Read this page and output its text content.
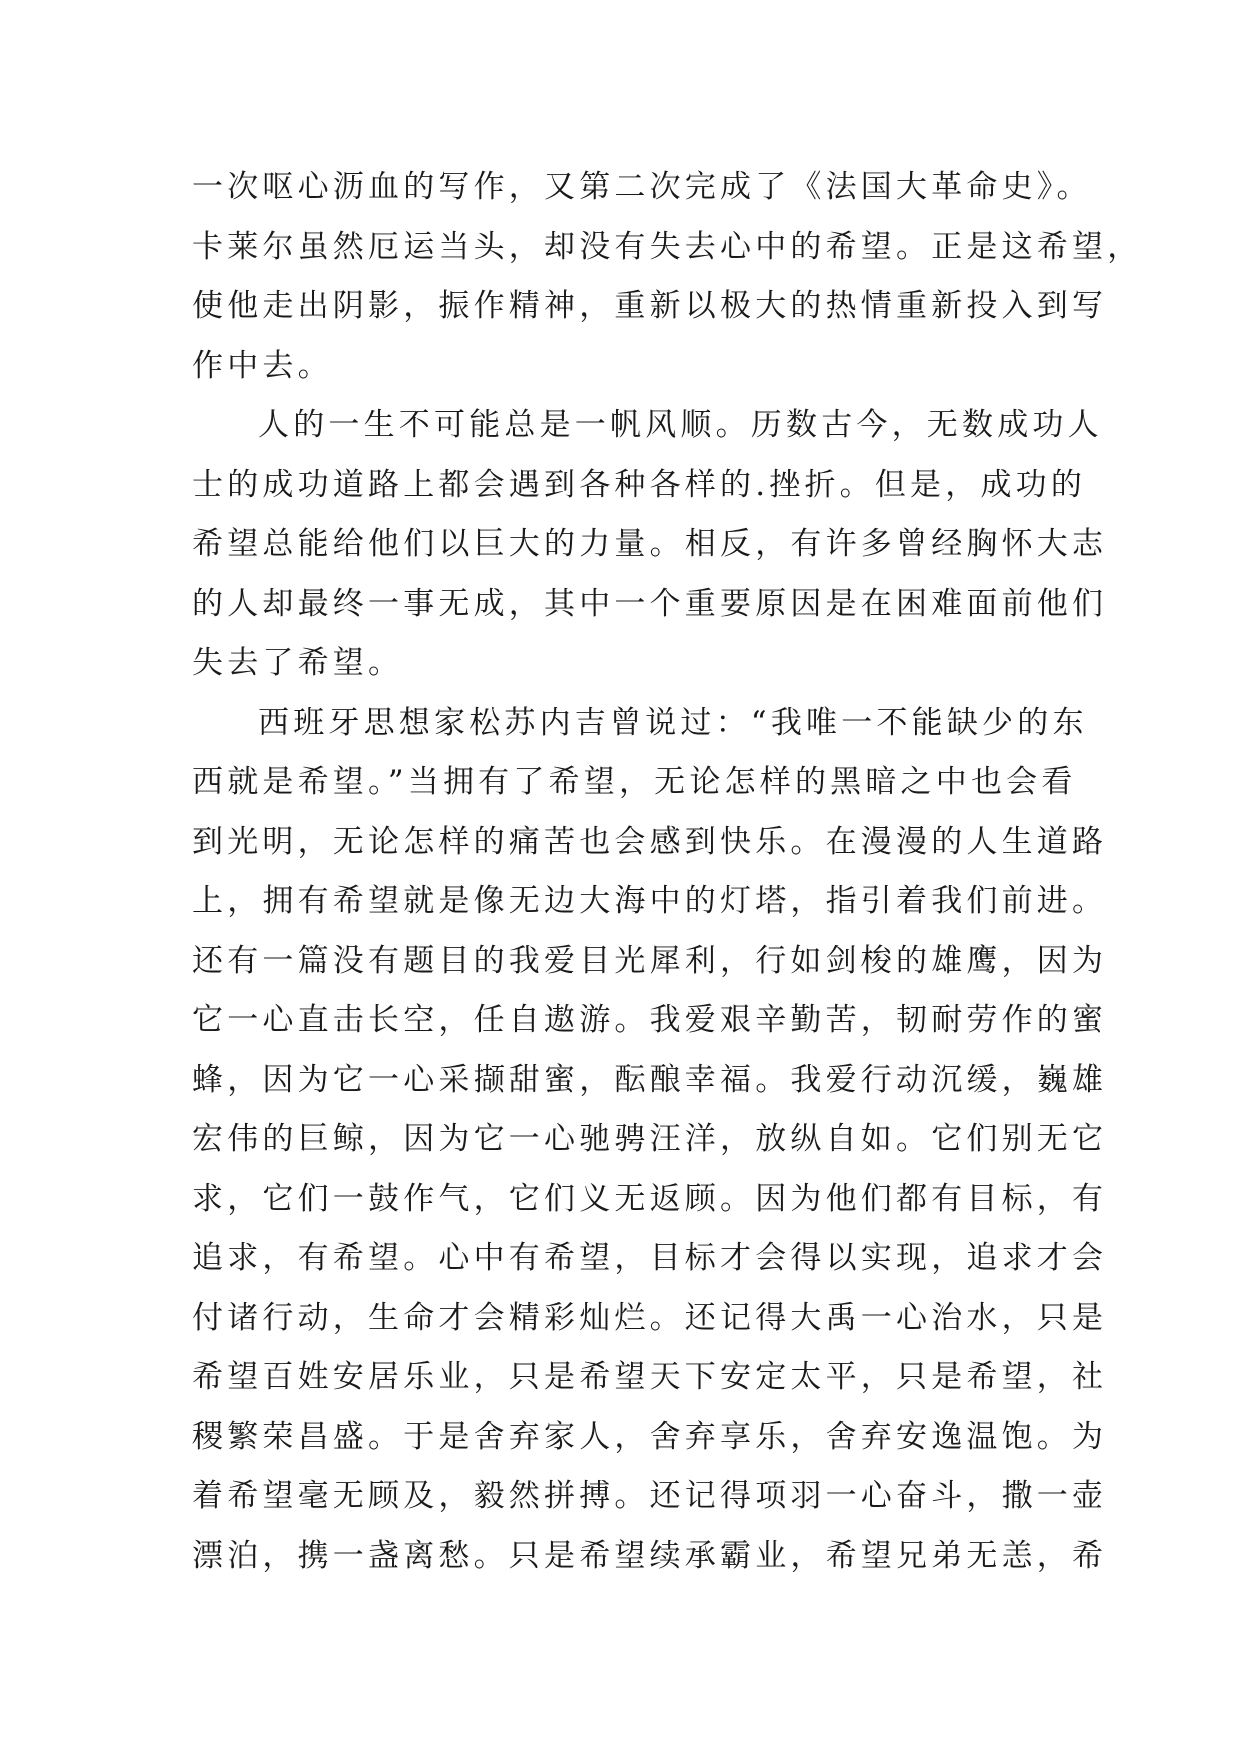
一次呕心沥血的写作，又第二次完成了《法国大革命史》。
卡莱尔虽然厄运当头，却没有失去心中的希望。正是这希望，
使他走出阴影，振作精神，重新以极大的热情重新投入到写
作中去。
人的一生不可能总是一帆风顺。历数古今，无数成功人
士的成功道路上都会遇到各种各样的.挫折。但是，成功的
希望总能给他们以巨大的力量。相反，有许多曾经胸怀大志
的人却最终一事无成，其中一个重要原因是在困难面前他们
失去了希望。
西班牙思想家松苏内吉曾说过：“我唯一不能缺少的东
西就是希望。”当拥有了希望，无论怎样的黑暗之中也会看
到光明，无论怎样的痛苦也会感到快乐。在漫漫的人生道路
上，拥有希望就是像无边大海中的灯塔，指引着我们前进。
还有一篇没有题目的我爱目光犀利，行如剑梭的雄鹰，因为
它一心直击长空，任自遨游。我爱艰辛勤苦，韧耐劳作的蜜
蜂，因为它一心采撷甜蜜，酝酿幸福。我爱行动沉缓，巍雄
宏伟的巨鲸，因为它一心驰骋汪洋，放纵自如。它们别无它
求，它们一鼓作气，它们义无返顾。因为他们都有目标，有
追求，有希望。心中有希望，目标才会得以实现，追求才会
付诸行动，生命才会精彩灿烂。还记得大禹一心治水，只是
希望百姓安居乐业，只是希望天下安定太平，只是希望，社
稷繁荣昌盛。于是舍弃家人，舍弃享乐，舍弃安逸温饱。为
着希望毫无顾及，毅然拼搏。还记得项羽一心奋斗，撒一壶
漂泊，携一盏离愁。只是希望续承霸业，希望兄弟无恙，希
